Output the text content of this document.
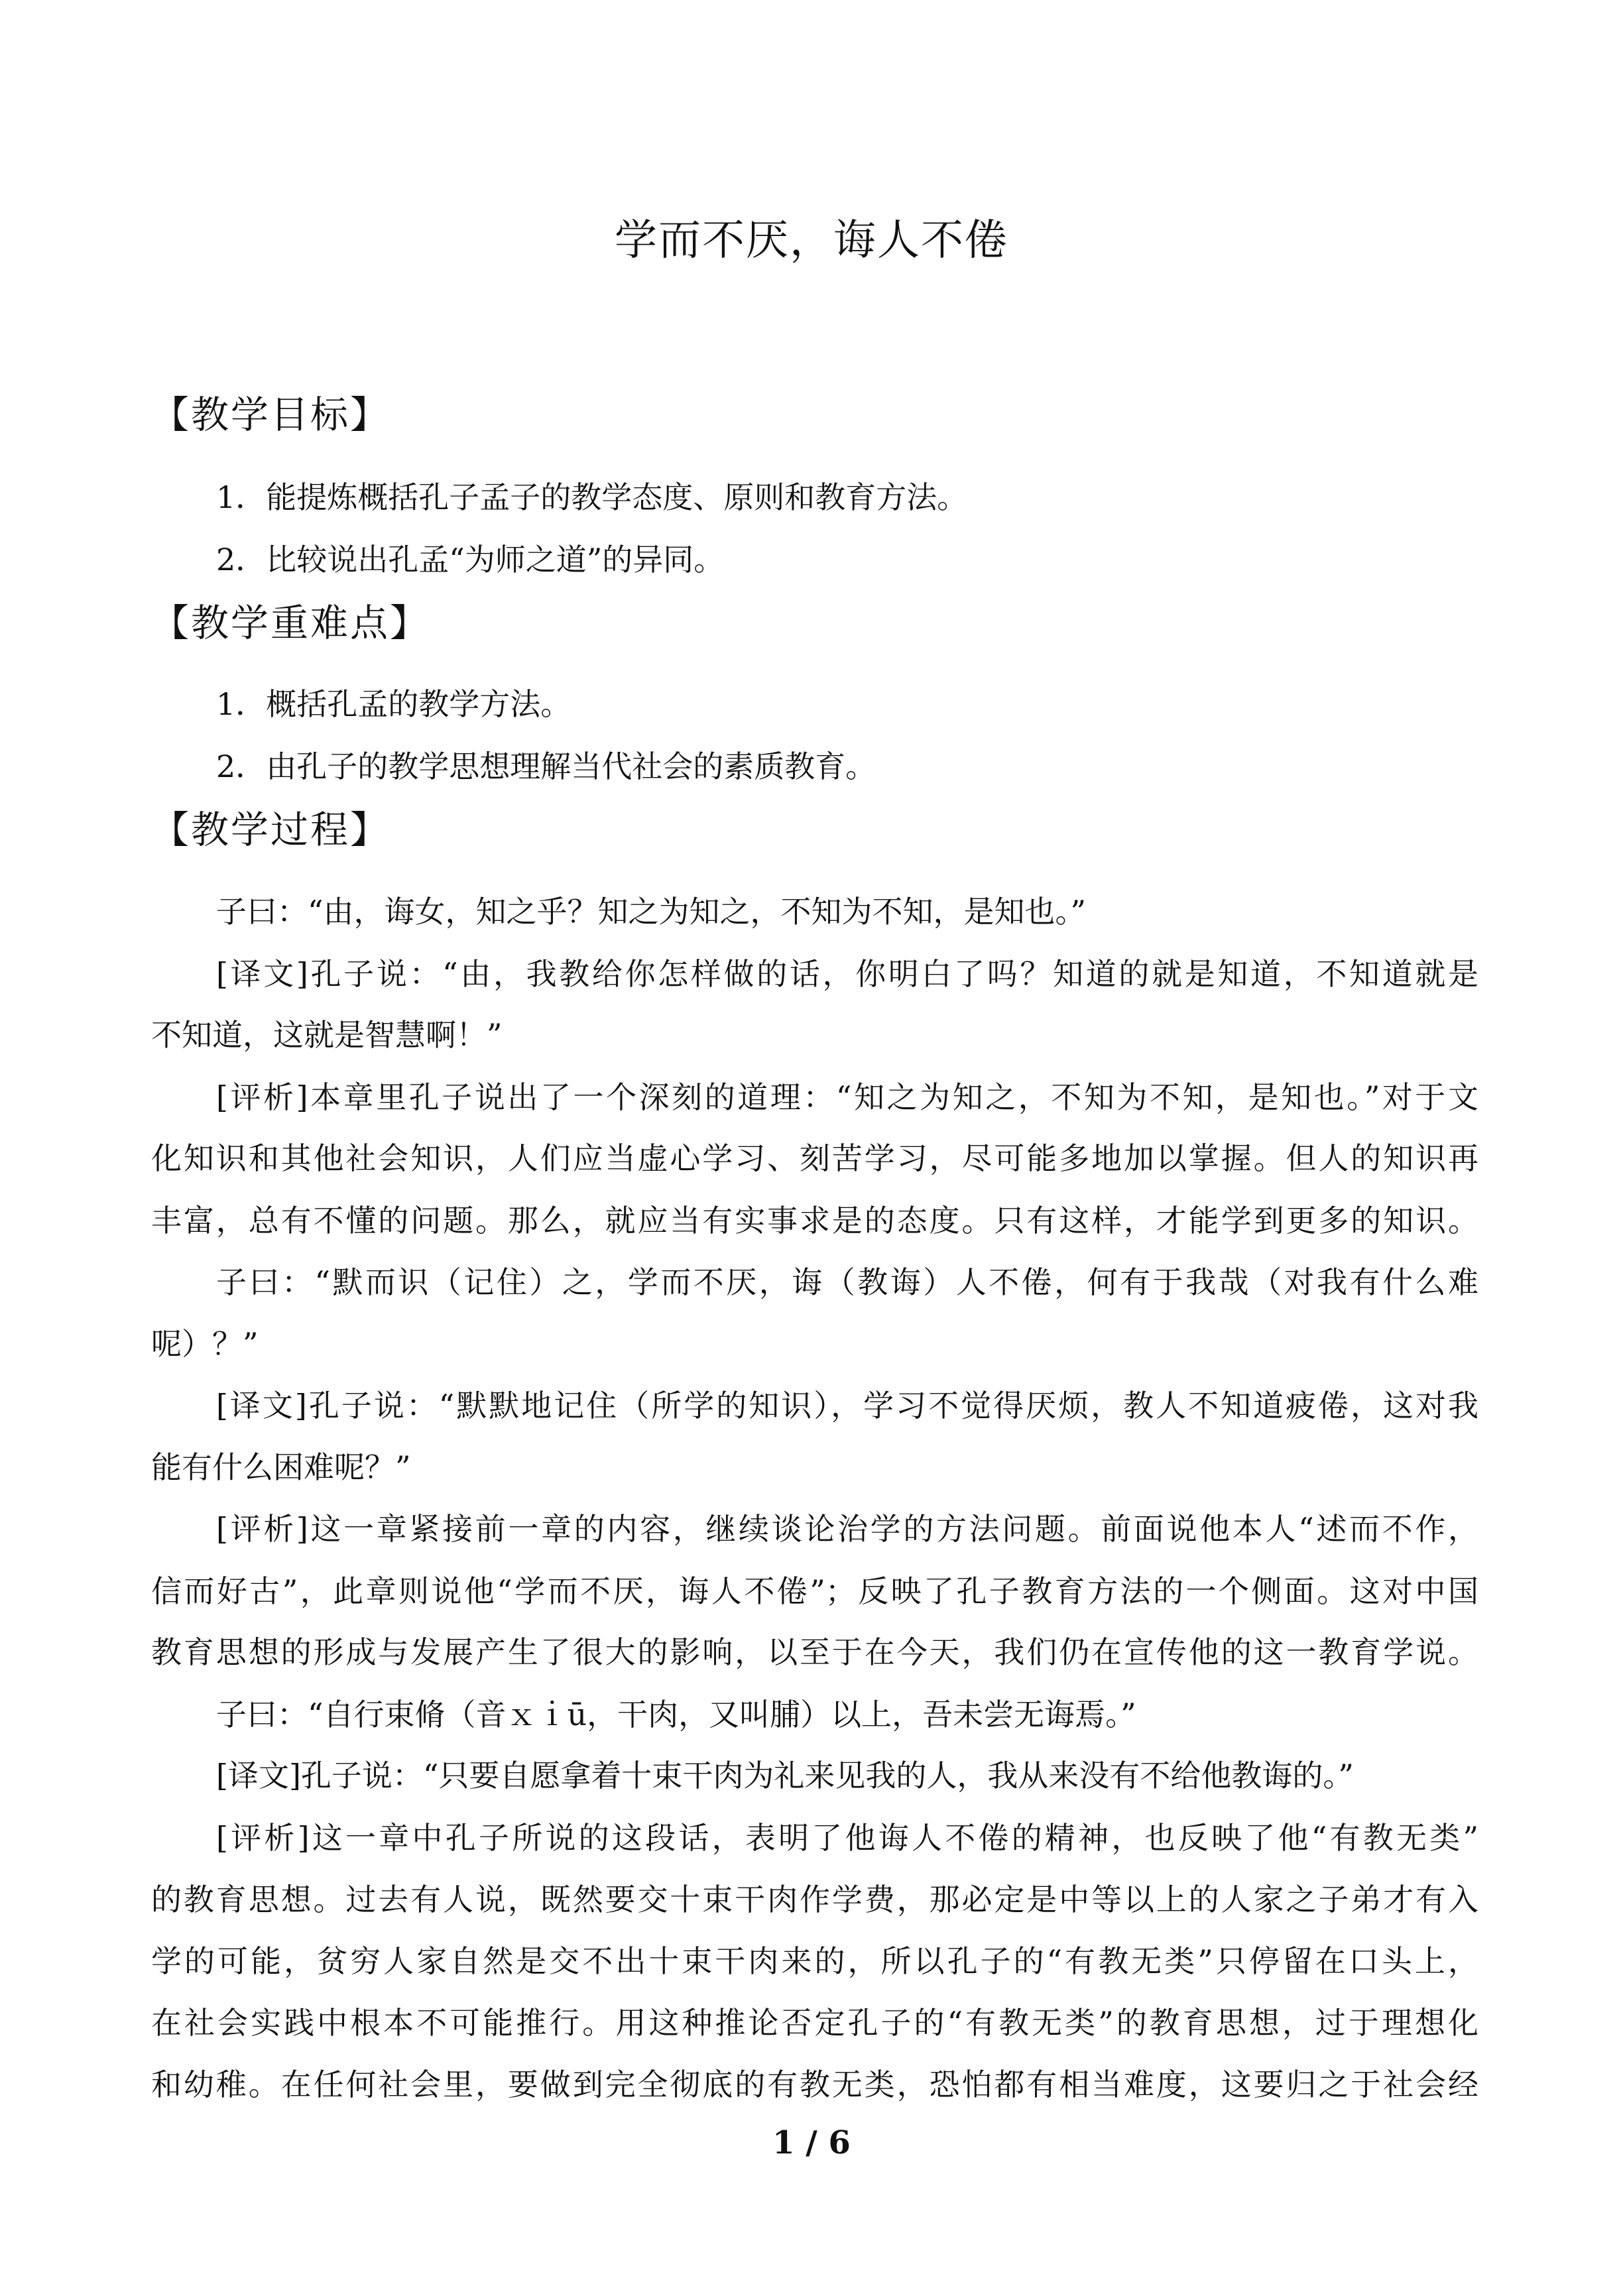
学而不厌，诲人不倦
【教学目标】
1．能提炼概括孔子孟子的教学态度、原则和教育方法。
2．比较说出孔孟“为师之道”的异同。
【教学重难点】
1．概括孔孟的教学方法。
2．由孔子的教学思想理解当代社会的素质教育。
【教学过程】
子曰：“由，诲女，知之乎？知之为知之，不知为不知，是知也。”
[译文]孔子说：“由，我教给你怎样做的话，你明白了吗？知道的就是知道，不知道就是
不知道，这就是智慧啊！”
[评析]本章里孔子说出了一个深刻的道理：“知之为知之，不知为不知，是知也。”对于文
化知识和其他社会知识，人们应当虚心学习、刻苦学习，尽可能多地加以掌握。但人的知识再
丰富，总有不懂的问题。那么，就应当有实事求是的态度。只有这样，才能学到更多的知识。
子曰：“默而识（记住）之，学而不厌，诲（教诲）人不倦，何有于我哉（对我有什么难
呢）？”
[译文]孔子说：“默默地记住（所学的知识），学习不觉得厌烦，教人不知道疲倦，这对我
能有什么困难呢？”
[评析]这一章紧接前一章的内容，继续谈论治学的方法问题。前面说他本人“述而不作，
信而好古”，此章则说他“学而不厌，诲人不倦”；反映了孔子教育方法的一个侧面。这对中国
教育思想的形成与发展产生了很大的影响，以至于在今天，我们仍在宣传他的这一教育学说。
子曰：“自行束脩（音ｘｉū，干肉，又叫脯）以上，吾未尝无诲焉。”
[译文]孔子说：“只要自愿拿着十束干肉为礼来见我的人，我从来没有不给他教诲的。”
[评析]这一章中孔子所说的这段话，表明了他诲人不倦的精神，也反映了他“有教无类”
的教育思想。过去有人说，既然要交十束干肉作学费，那必定是中等以上的人家之子弟才有入
学的可能，贫穷人家自然是交不出十束干肉来的，所以孔子的“有教无类”只停留在口头上，
在社会实践中根本不可能推行。用这种推论否定孔子的“有教无类”的教育思想，过于理想化
和幼稚。在任何社会里，要做到完全彻底的有教无类，恐怕都有相当难度，这要归之于社会经
1 / 6
